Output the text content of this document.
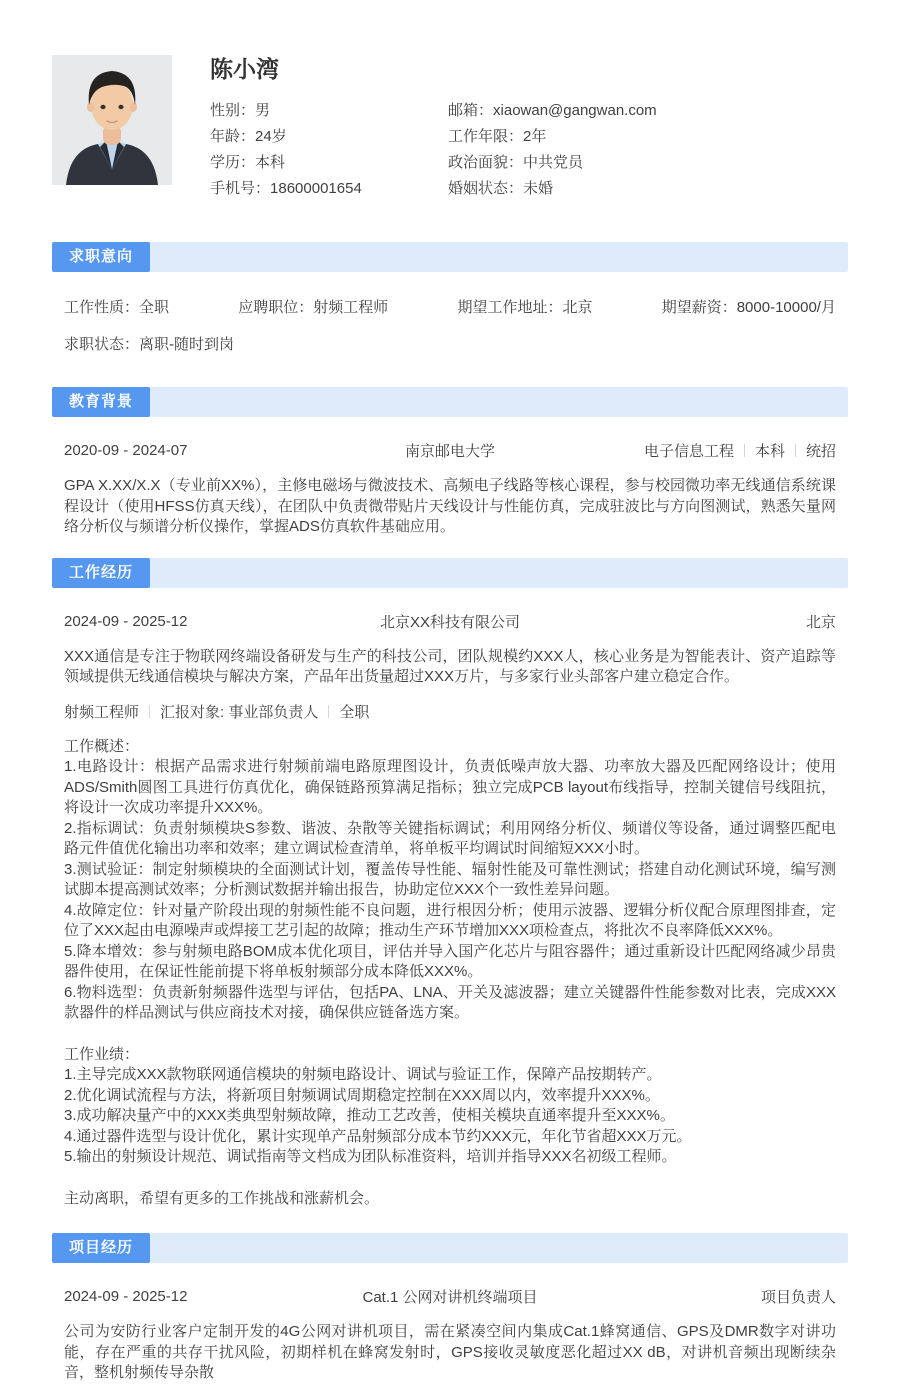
陈小湾
性别：男	邮箱：xiaowan@gangwan.com
年龄：24岁	工作年限：2年
学历：本科	政治面貌：中共党员
手机号：18600001654	婚姻状态：未婚
求职意向
工作性质：全职	应聘职位：射频工程师	期望工作地址：北京	期望薪资：8000-10000/月
求职状态：离职-随时到岗
教育背景
2020-09 - 2024-07	南京邮电大学	电子信息工程 本科 统招

GPA X.XX/X.X（专业前XX%），主修电磁场与微波技术、高频电子线路等核心课程，参与校园微功率无线通信系统课程设计（使用HFSS仿真天线），在团队中负责微带贴片天线设计与性能仿真，完成驻波比与方向图测试，熟悉矢量网络分析仪与频谱分析仪操作，掌握ADS仿真软件基础应用。

工作经历
2024-09 - 2025-12	北京XX科技有限公司	北京

XXX通信是专注于物联网终端设备研发与生产的科技公司，团队规模约XXX人，核心业务是为智能表计、资产追踪等领域提供无线通信模块与解决方案，产品年出货量超过XXX万片，与多家行业头部客户建立稳定合作。

射频工程师 汇报对象: 事业部负责人 全职
工作概述：
1.电路设计：根据产品需求进行射频前端电路原理图设计，负责低噪声放大器、功率放大器及匹配网络设计；使用ADS/Smith圆图工具进行仿真优化，确保链路预算满足指标；独立完成PCB layout布线指导，控制关键信号线阻抗，将设计一次成功率提升XXX%。
2.指标调试：负责射频模块S参数、谐波、杂散等关键指标调试；利用网络分析仪、频谱仪等设备，通过调整匹配电路元件值优化输出功率和效率；建立调试检查清单，将单板平均调试时间缩短XXX小时。
3.测试验证：制定射频模块的全面测试计划，覆盖传导性能、辐射性能及可靠性测试；搭建自动化测试环境，编写测试脚本提高测试效率；分析测试数据并输出报告，协助定位XXX个一致性差异问题。
4.故障定位：针对量产阶段出现的射频性能不良问题，进行根因分析；使用示波器、逻辑分析仪配合原理图排查，定位了XXX起由电源噪声或焊接工艺引起的故障；推动生产环节增加XXX项检查点，将批次不良率降低XXX%。
5.降本增效：参与射频电路BOM成本优化项目，评估并导入国产化芯片与阻容器件；通过重新设计匹配网络减少昂贵器件使用，在保证性能前提下将单板射频部分成本降低XXX%。
6.物料选型：负责新射频器件选型与评估，包括PA、LNA、开关及滤波器；建立关键器件性能参数对比表，完成XXX款器件的样品测试与供应商技术对接，确保供应链备选方案。
工作业绩：
1.主导完成XXX款物联网通信模块的射频电路设计、调试与验证工作，保障产品按期转产。
2.优化调试流程与方法，将新项目射频调试周期稳定控制在XXX周以内，效率提升XXX%。
3.成功解决量产中的XXX类典型射频故障，推动工艺改善，使相关模块直通率提升至XXX%。
4.通过器件选型与设计优化，累计实现单产品射频部分成本节约XXX元，年化节省超XXX万元。
5.输出的射频设计规范、调试指南等文档成为团队标准资料，培训并指导XXX名初级工程师。

主动离职，希望有更多的工作挑战和涨薪机会。

项目经历
2024-09 - 2025-12	Cat.1 公网对讲机终端项目	项目负责人

公司为安防行业客户定制开发的4G公网对讲机项目，需在紧凑空间内集成Cat.1蜂窝通信、GPS及DMR数字对讲功能，存在严重的共存干扰风险，初期样机在蜂窝发射时，GPS接收灵敏度恶化超过XX dB，对讲机音频出现断续杂音，整机射频传导杂散
